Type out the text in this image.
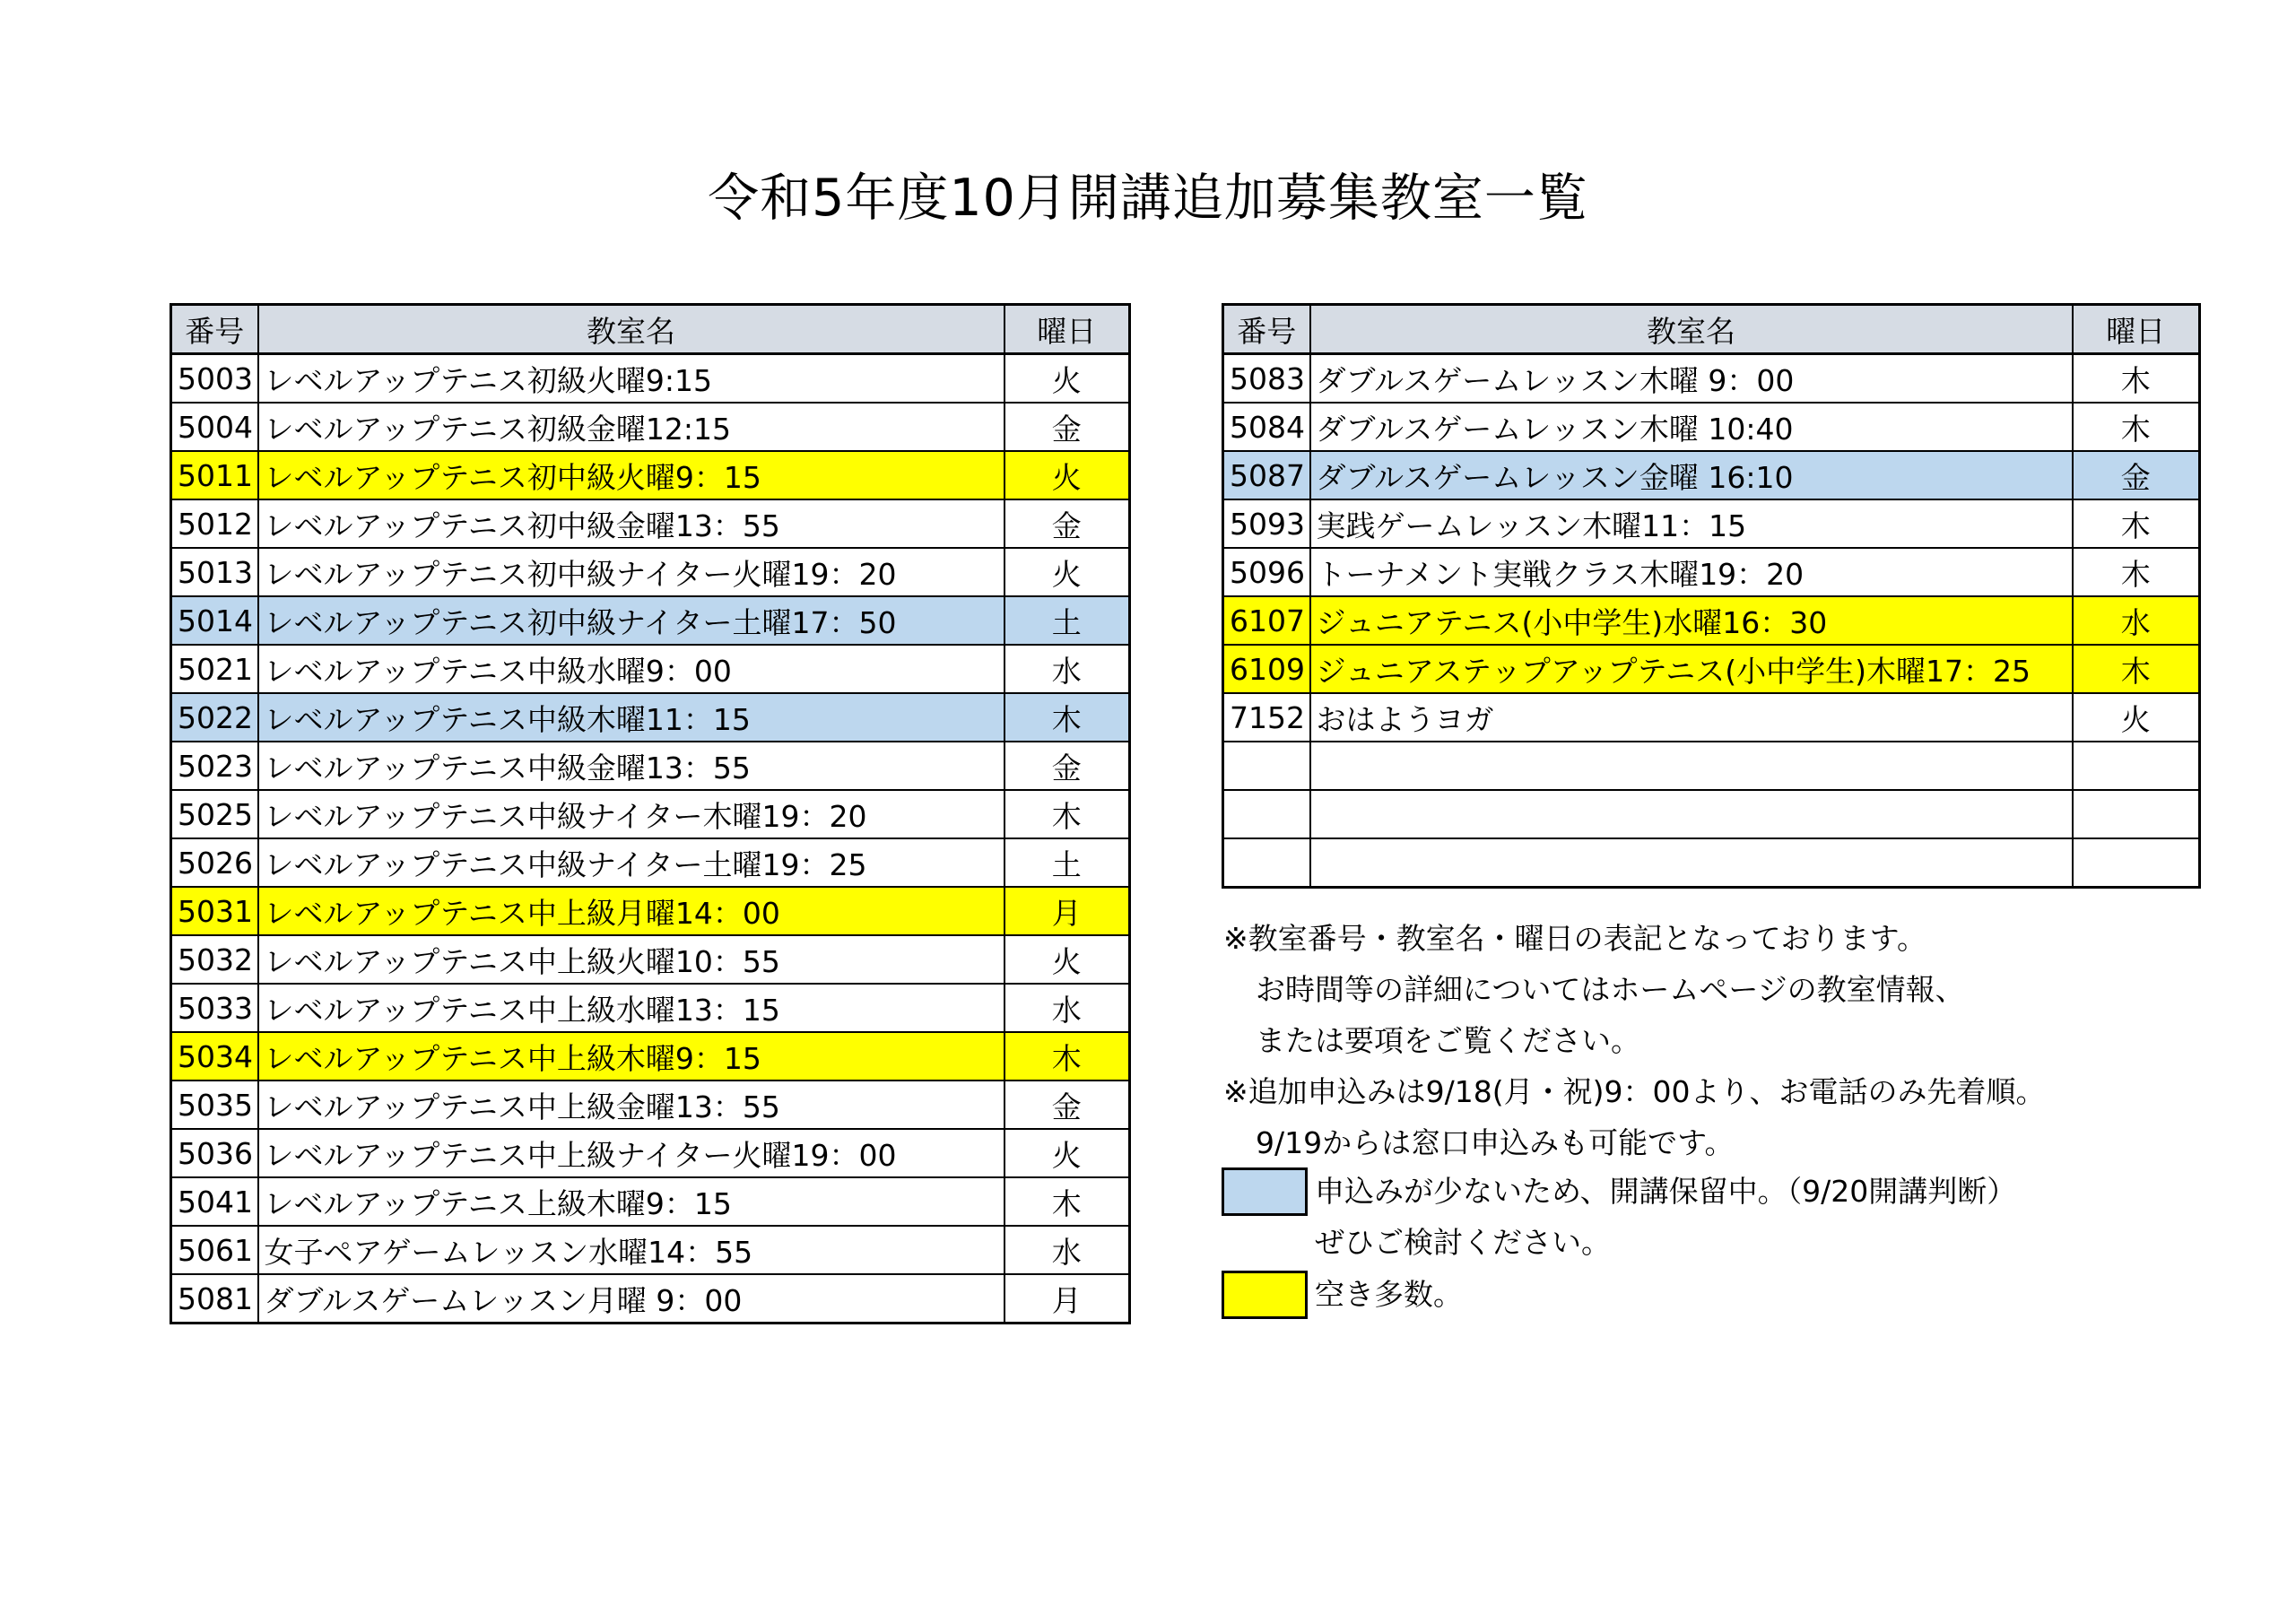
令和5年度10月開講追加募集教室一覧
番号	教室名	曜日
5003	レベルアップテニス初級火曜9:15	火
5004	レベルアップテニス初級金曜12:15	金
5011	レベルアップテニス初中級火曜9：15	火
5012	レベルアップテニス初中級金曜13：55	金
5013	レベルアップテニス初中級ナイター火曜19：20	火
5014	レベルアップテニス初中級ナイター土曜17：50	土
5021	レベルアップテニス中級水曜9：00	水
5022	レベルアップテニス中級木曜11：15	木
5023	レベルアップテニス中級金曜13：55	金
5025	レベルアップテニス中級ナイター木曜19：20	木
5026	レベルアップテニス中級ナイター土曜19：25	土
5031	レベルアップテニス中上級月曜14：00	月
5032	レベルアップテニス中上級火曜10：55	火
5033	レベルアップテニス中上級水曜13：15	水
5034	レベルアップテニス中上級木曜9：15	木
5035	レベルアップテニス中上級金曜13：55	金
5036	レベルアップテニス中上級ナイター火曜19：00	火
5041	レベルアップテニス上級木曜9：15	木
5061	女子ペアゲームレッスン水曜14：55	水
5081	ダブルスゲームレッスン月曜 9：00	月
番号	教室名	曜日
5083	ダブルスゲームレッスン木曜 9：00	木
5084	ダブルスゲームレッスン木曜 10:40	木
5087	ダブルスゲームレッスン金曜 16:10	金
5093	実践ゲームレッスン木曜11：15	木
5096	トーナメント実戦クラス木曜19：20	木
6107	ジュニアテニス(小中学生)水曜16：30	水
6109	ジュニアステップアップテニス(小中学生)木曜17：25	木
7152	おはようヨガ	火

※教室番号・教室名・曜日の表記となっております。

お時間等の詳細についてはホームページの教室情報、

または要項をご覧ください。

※追加申込みは9/18(月・祝)9：00より、お電話のみ先着順。

9/19からは窓口申込みも可能です。

申込みが少ないため、開講保留中。（9/20開講判断）
ぜひご検討ください。
空き多数。
